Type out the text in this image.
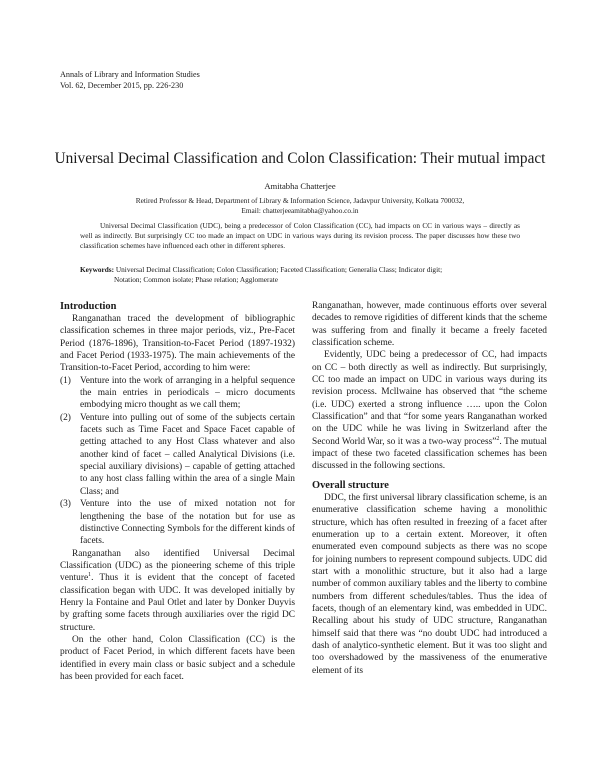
Annals of Library and Information Studies
Vol. 62, December 2015, pp. 226-230
Universal Decimal Classification and Colon Classification: Their mutual impact
Amitabha Chatterjee
Retired Professor & Head, Department of Library & Information Science, Jadavpur University, Kolkata 700032,
Email: chatterjeeamitabha@yahoo.co.in
Universal Decimal Classification (UDC), being a predecessor of Colon Classification (CC), had impacts on CC in various ways – directly as well as indirectly. But surprisingly CC too made an impact on UDC in various ways during its revision process. The paper discusses how these two classification schemes have influenced each other in different spheres.
Keywords: Universal Decimal Classification; Colon Classification; Faceted Classification; Generalia Class; Indicator digit;
Notation; Common isolate; Phase relation; Agglomerate
Introduction

Ranganathan traced the development of bibliographic classification schemes in three major periods, viz., Pre-Facet Period (1876-1896), Transition-to-Facet Period (1897-1932) and Facet Period (1933-1975). The main achievements of the Transition-to-Facet Period, according to him were:

(1) Venture into the work of arranging in a helpful sequence the main entries in periodicals – micro documents embodying micro thought as we call them;
(2) Venture into pulling out of some of the subjects certain facets such as Time Facet and Space Facet capable of getting attached to any Host Class whatever and also another kind of facet – called Analytical Divisions (i.e. special auxiliary divisions) – capable of getting attached to any host class falling within the area of a single Main Class; and
(3) Venture into the use of mixed notation not for lengthening the base of the notation but for use as distinctive Connecting Symbols for the different kinds of facets.

Ranganathan also identified Universal Decimal Classification (UDC) as the pioneering scheme of this triple venture$^1$. Thus it is evident that the concept of faceted classification began with UDC. It was developed initially by Henry la Fontaine and Paul Otlet and later by Donker Duyvis by grafting some facets through auxiliaries over the rigid DC structure.

On the other hand, Colon Classification (CC) is the product of Facet Period, in which different facets have been identified in every main class or basic subject and a schedule has been provided for each facet.

Ranganathan, however, made continuous efforts over several decades to remove rigidities of different kinds that the scheme was suffering from and finally it became a freely faceted classification scheme.

Evidently, UDC being a predecessor of CC, had impacts on CC – both directly as well as indirectly. But surprisingly, CC too made an impact on UDC in various ways during its revision process. Mcllwaine has observed that “the scheme (i.e. UDC) exerted a strong influence ….. upon the Colon Classification” and that “for some years Ranganathan worked on the UDC while he was living in Switzerland after the Second World War, so it was a two-way process”$^2$. The mutual impact of these two faceted classification schemes has been discussed in the following sections.

Overall structure

DDC, the first universal library classification scheme, is an enumerative classification scheme having a monolithic structure, which has often resulted in freezing of a facet after enumeration up to a certain extent. Moreover, it often enumerated even compound subjects as there was no scope for joining numbers to represent compound subjects. UDC did start with a monolithic structure, but it also had a large number of common auxiliary tables and the liberty to combine numbers from different schedules/tables. Thus the idea of facets, though of an elementary kind, was embedded in UDC. Recalling about his study of UDC structure, Ranganathan himself said that there was “no doubt UDC had introduced a dash of analytico-synthetic element. But it was too slight and too overshadowed by the massiveness of the enumerative element of its
